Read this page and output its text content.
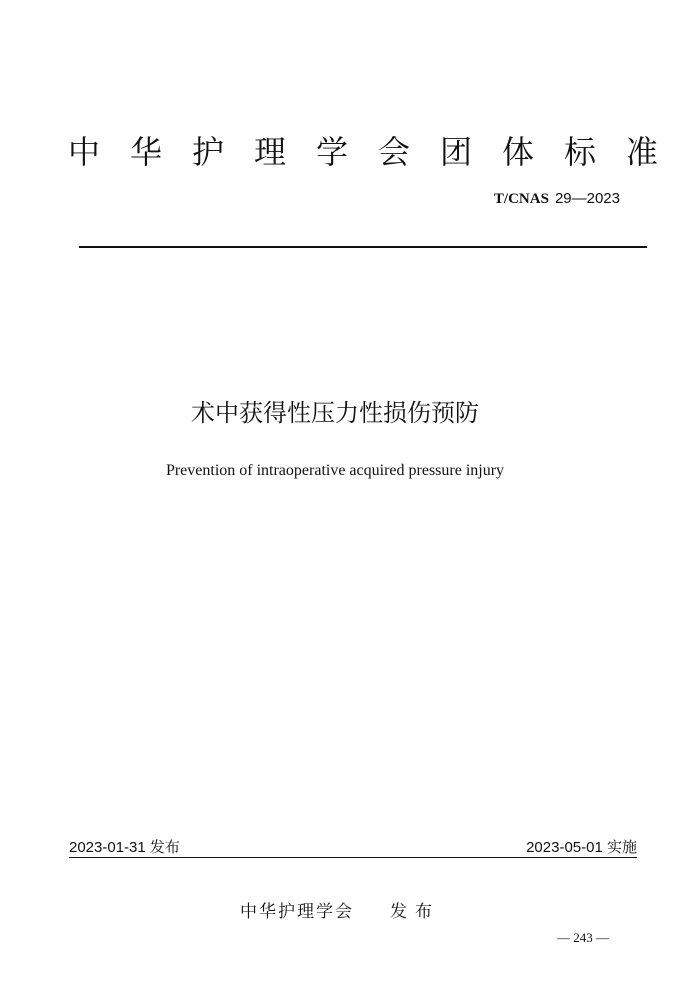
中华护理学会团体标准
T/CNAS 29—2023
术中获得性压力性损伤预防
Prevention of intraoperative acquired pressure injury
2023-01-31 发布	2023-05-01 实施
中华护理学会 发布
— 243 —
